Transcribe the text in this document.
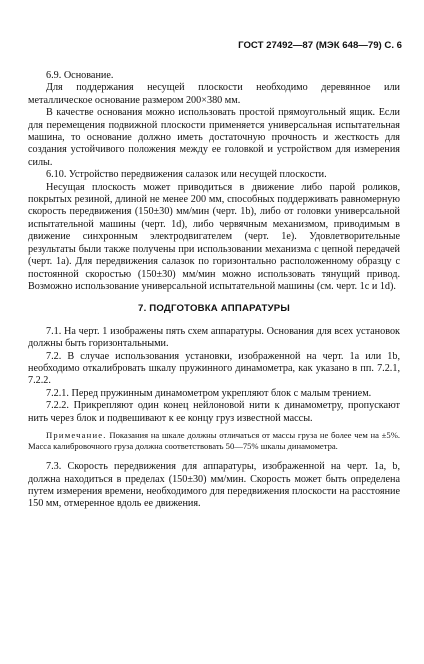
ГОСТ 27492—87 (МЭК 648—79) С. 6

6.9. Основание.

Для поддержания несущей плоскости необходимо деревянное или металлическое основание размером 200×380 мм.

В качестве основания можно использовать простой прямоугольный ящик. Если для перемещения подвижной плоскости применяется универсальная испытательная машина, то основание должно иметь достаточную прочность и жесткость для создания устойчивого положения между ее головкой и устройством для измерения силы.

6.10. Устройство передвижения салазок или несущей плоскости.

Несущая плоскость может приводиться в движение либо парой роликов, покрытых резиной, длиной не менее 200 мм, способных поддерживать равномерную скорость передвижения (150±30) мм/мин (черт. 1b), либо от головки универсальной испытательной машины (черт. 1d), либо червячным механизмом, приводимым в движение синхронным электродвигателем (черт. 1e). Удовлетворительные результаты были также получены при использовании механизма с цепной передачей (черт. 1a). Для передвижения салазок по горизонтально расположенному образцу с постоянной скоростью (150±30) мм/мин можно использовать тянущий привод. Возможно использование универсальной испытательной машины (см. черт. 1c и 1d).

7. ПОДГОТОВКА АППАРАТУРЫ

7.1. На черт. 1 изображены пять схем аппаратуры. Основания для всех установок должны быть горизонтальными.

7.2. В случае использования установки, изображенной на черт. 1a или 1b, необходимо откалибровать шкалу пружинного динамометра, как указано в пп. 7.2.1, 7.2.2.

7.2.1. Перед пружинным динамометром укрепляют блок с малым трением.

7.2.2. Прикрепляют один конец нейлоновой нити к динамометру, пропускают нить через блок и подвешивают к ее концу груз известной массы.

Примечание. Показания на шкале должны отличаться от массы груза не более чем на ±5%. Масса калибровочного груза должна соответствовать 50—75% шкалы динамометра.

7.3. Скорость передвижения для аппаратуры, изображенной на черт. 1a, b, должна находиться в пределах (150±30) мм/мин. Скорость может быть определена путем измерения времени, необходимого для передвижения плоскости на расстояние 150 мм, отмеренное вдоль ее движения.
